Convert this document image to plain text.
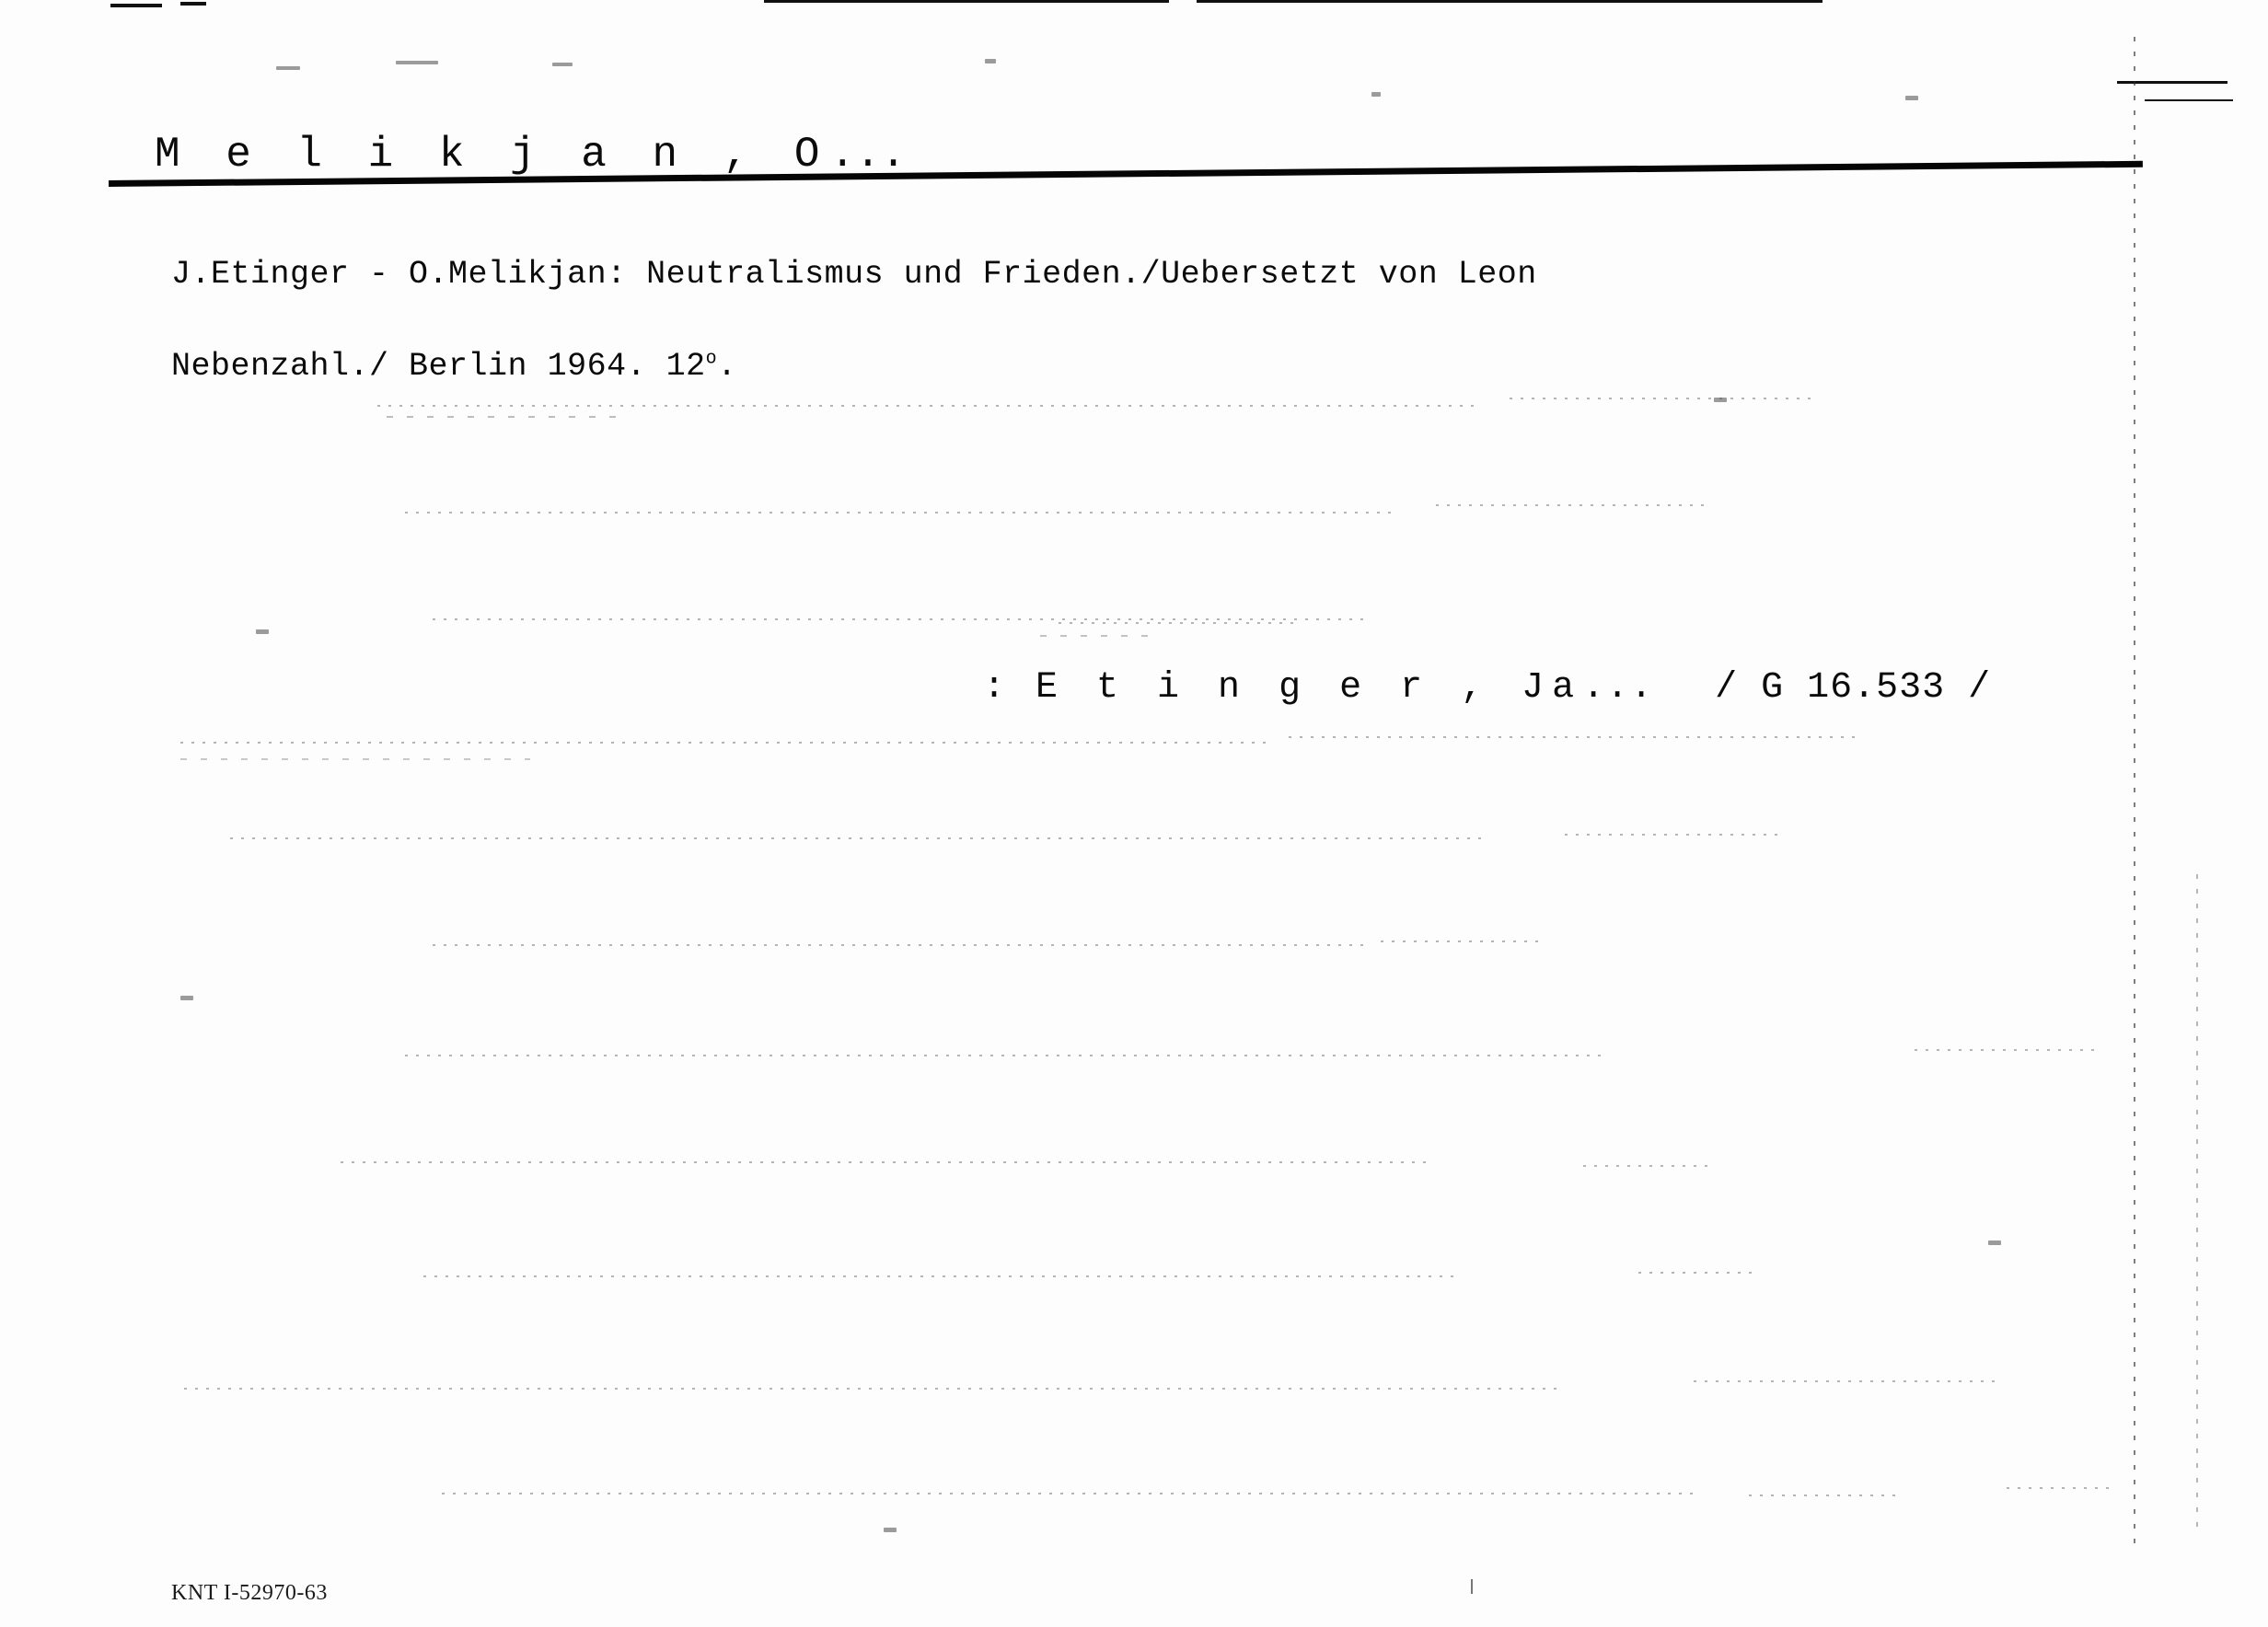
M e l i k j a n , O...
J.Etinger - O.Melikjan: Neutralismus und Frieden./Uebersetzt von Leon
Nebenzahl./ Berlin 1964. 12$^o$.
: E t i n g e r , Ja... / G 16.533 /
KNT I-52970-63
